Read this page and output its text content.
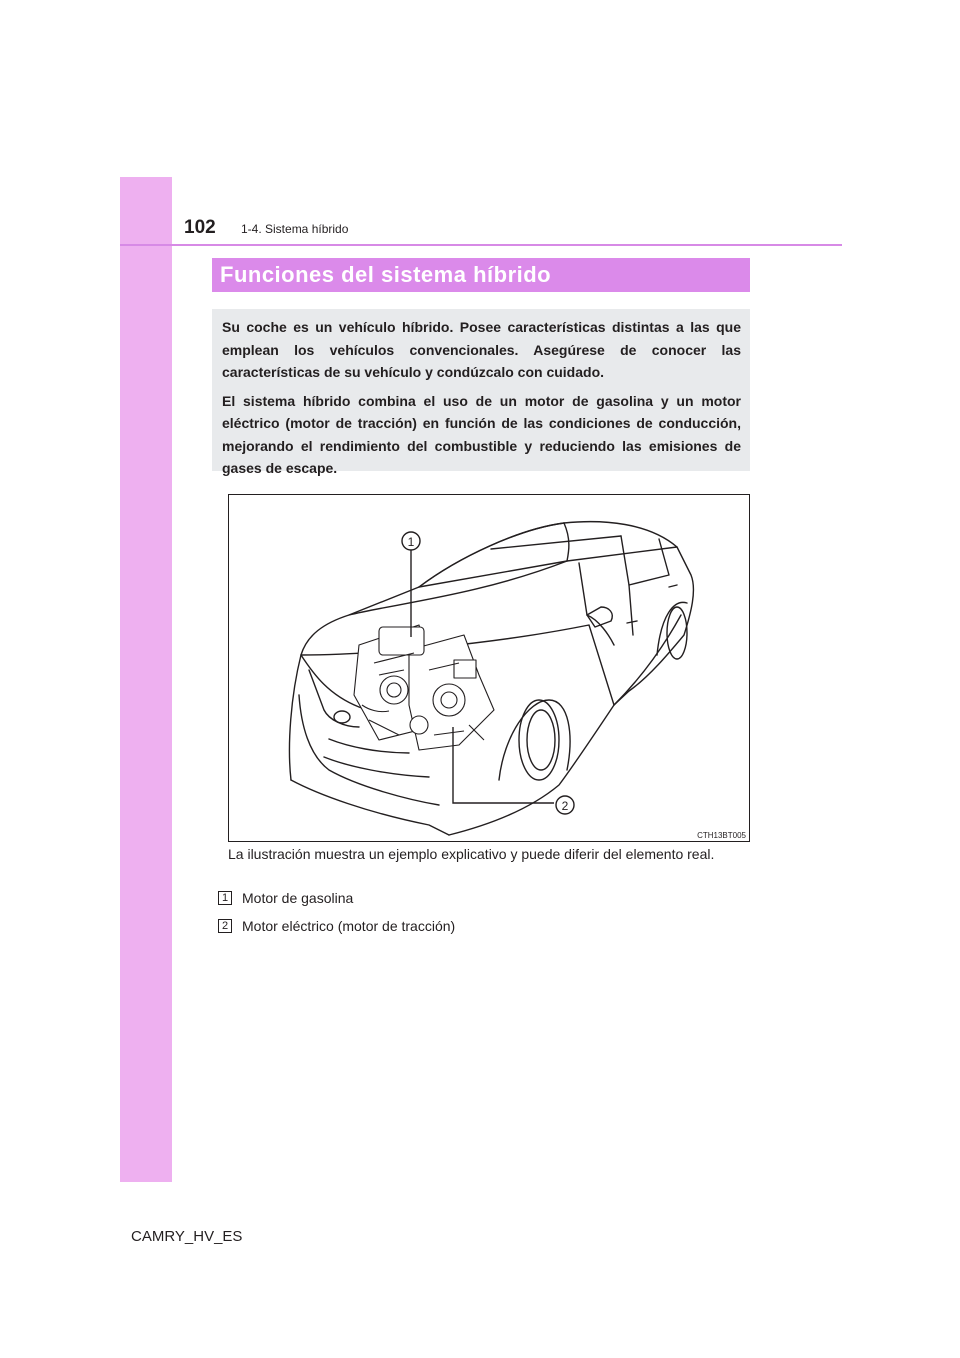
102 1-4. Sistema híbrido
Funciones del sistema híbrido

Su coche es un vehículo híbrido. Posee características distintas a las que emplean los vehículos convencionales. Asegúrese de conocer las características de su vehículo y condúzcalo con cuidado.

El sistema híbrido combina el uso de un motor de gasolina y un motor eléctrico (motor de tracción) en función de las condiciones de conducción, mejorando el rendimiento del combustible y reduciendo las emisiones de gases de escape.

1
2
CTH13BT005
La ilustración muestra un ejemplo explicativo y puede diferir del elemento real.
1 Motor de gasolina
2 Motor eléctrico (motor de tracción)
CAMRY_HV_ES
